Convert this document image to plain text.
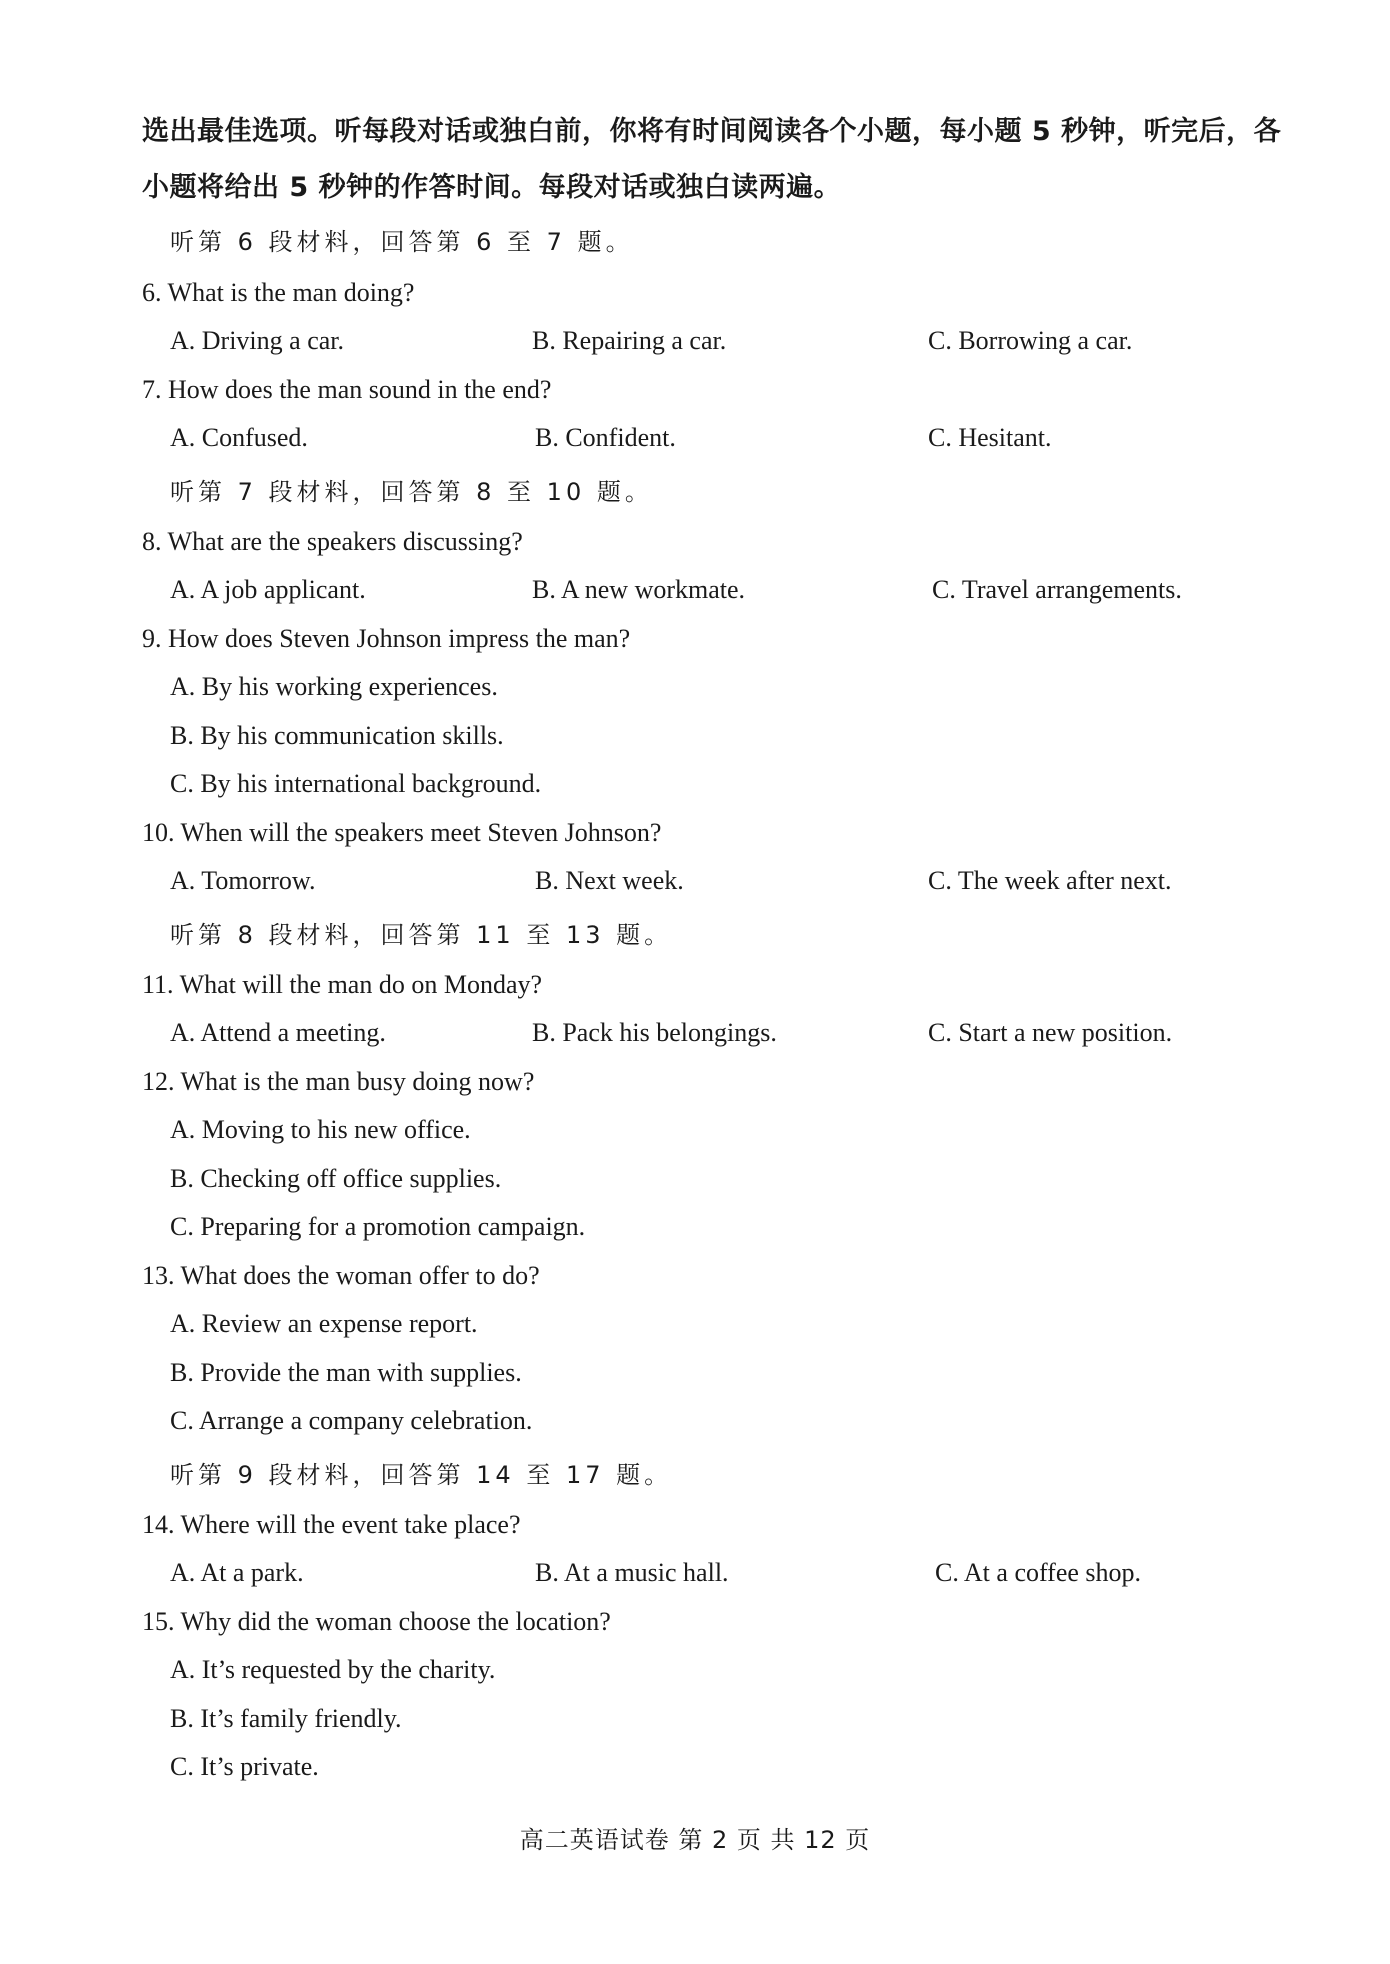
选出最佳选项。听每段对话或独白前，你将有时间阅读各个小题，每小题 5 秒钟，听完后，各

小题将给出 5 秒钟的作答时间。每段对话或独白读两遍。

听第 6 段材料，回答第 6 至 7 题。
6. What is the man doing?
A. Driving a car.	B. Repairing a car.	C. Borrowing a car.
7. How does the man sound in the end?
A. Confused.	B. Confident.	C. Hesitant.
听第 7 段材料，回答第 8 至 10 题。
8. What are the speakers discussing?
A. A job applicant.	B. A new workmate.	C. Travel arrangements.
9. How does Steven Johnson impress the man?
A. By his working experiences.
B. By his communication skills.
C. By his international background.
10. When will the speakers meet Steven Johnson?
A. Tomorrow.	B. Next week.	C. The week after next.
听第 8 段材料，回答第 11 至 13 题。
11. What will the man do on Monday?
A. Attend a meeting.	B. Pack his belongings.	C. Start a new position.
12. What is the man busy doing now?
A. Moving to his new office.
B. Checking off office supplies.
C. Preparing for a promotion campaign.
13. What does the woman offer to do?
A. Review an expense report.
B. Provide the man with supplies.
C. Arrange a company celebration.
听第 9 段材料，回答第 14 至 17 题。
14. Where will the event take place?
A. At a park.	B. At a music hall.	C. At a coffee shop.
15. Why did the woman choose the location?
A. It’s requested by the charity.
B. It’s family friendly.
C. It’s private.
高二英语试卷 第 2 页 共 12 页
